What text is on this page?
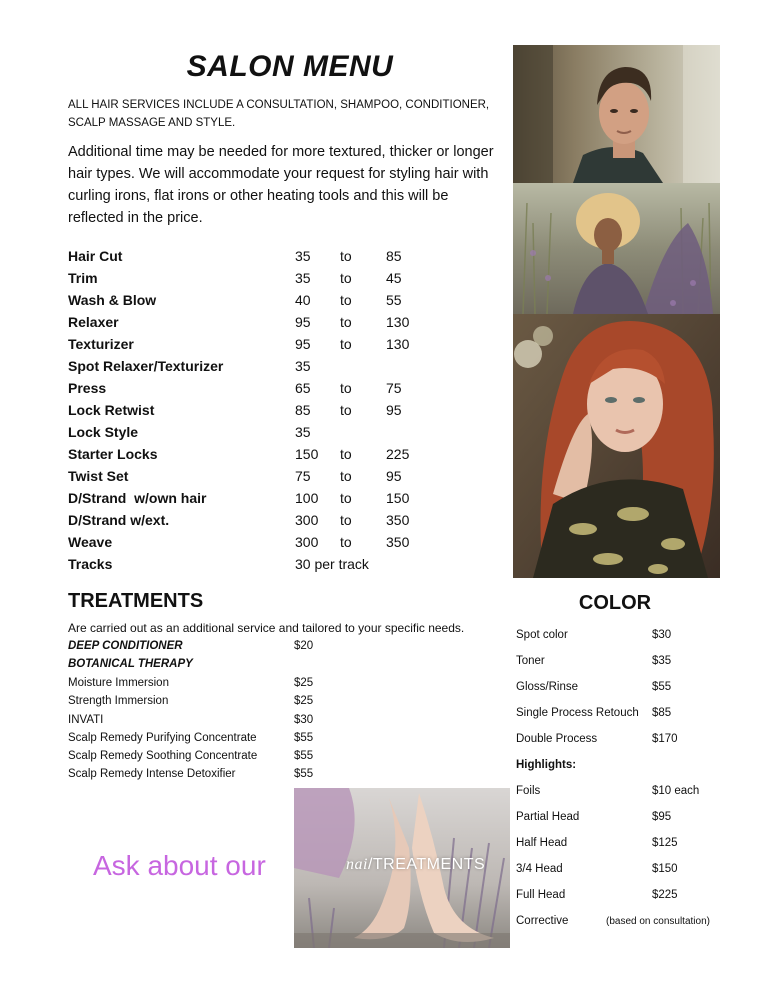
SALON MENU
ALL HAIR SERVICES INCLUDE A CONSULTATION, SHAMPOO, CONDITIONER, SCALP MASSAGE AND STYLE.
Additional time may be needed for more textured, thicker or longer hair types. We will accommodate your request for styling hair with curling irons, flat irons or other heating tools and this will be reflected in the price.
Hair Cut	35	to	85
Trim	35	to	45
Wash & Blow	40	to	55
Relaxer	95	to	130
Texturizer	95	to	130
Spot Relaxer/Texturizer	35
Press	65	to	75
Lock Retwist	85	to	95
Lock Style	35
Starter Locks	150	to	225
Twist Set	75	to	95
D/Strand  w/own hair	100	to	150
D/Strand w/ext.	300	to	350
Weave	300	to	350
Tracks	30 per track
TREATMENTS
Are carried out as an additional service and tailored to your specific needs.
DEEP CONDITIONER	$20
BOTANICAL THERAPY
Moisture Immersion	$25
Strength Immersion	$25
INVATI	$30
Scalp Remedy Purifying Concentrate	$55
Scalp Remedy Soothing Concentrate	$55
Scalp Remedy Intense Detoxifier	$55
COLOR
Spot color	$30
Toner	$35
Gloss/Rinse	$55
Single Process Retouch	$85
Double Process	$170
Highlights:
Foils	$10 each
Partial Head	$95
Half Head	$125
3/4 Head	$150
Full Head	$225
Corrective	(based on consultation)
Ask about our	nai/TREATMENTS
